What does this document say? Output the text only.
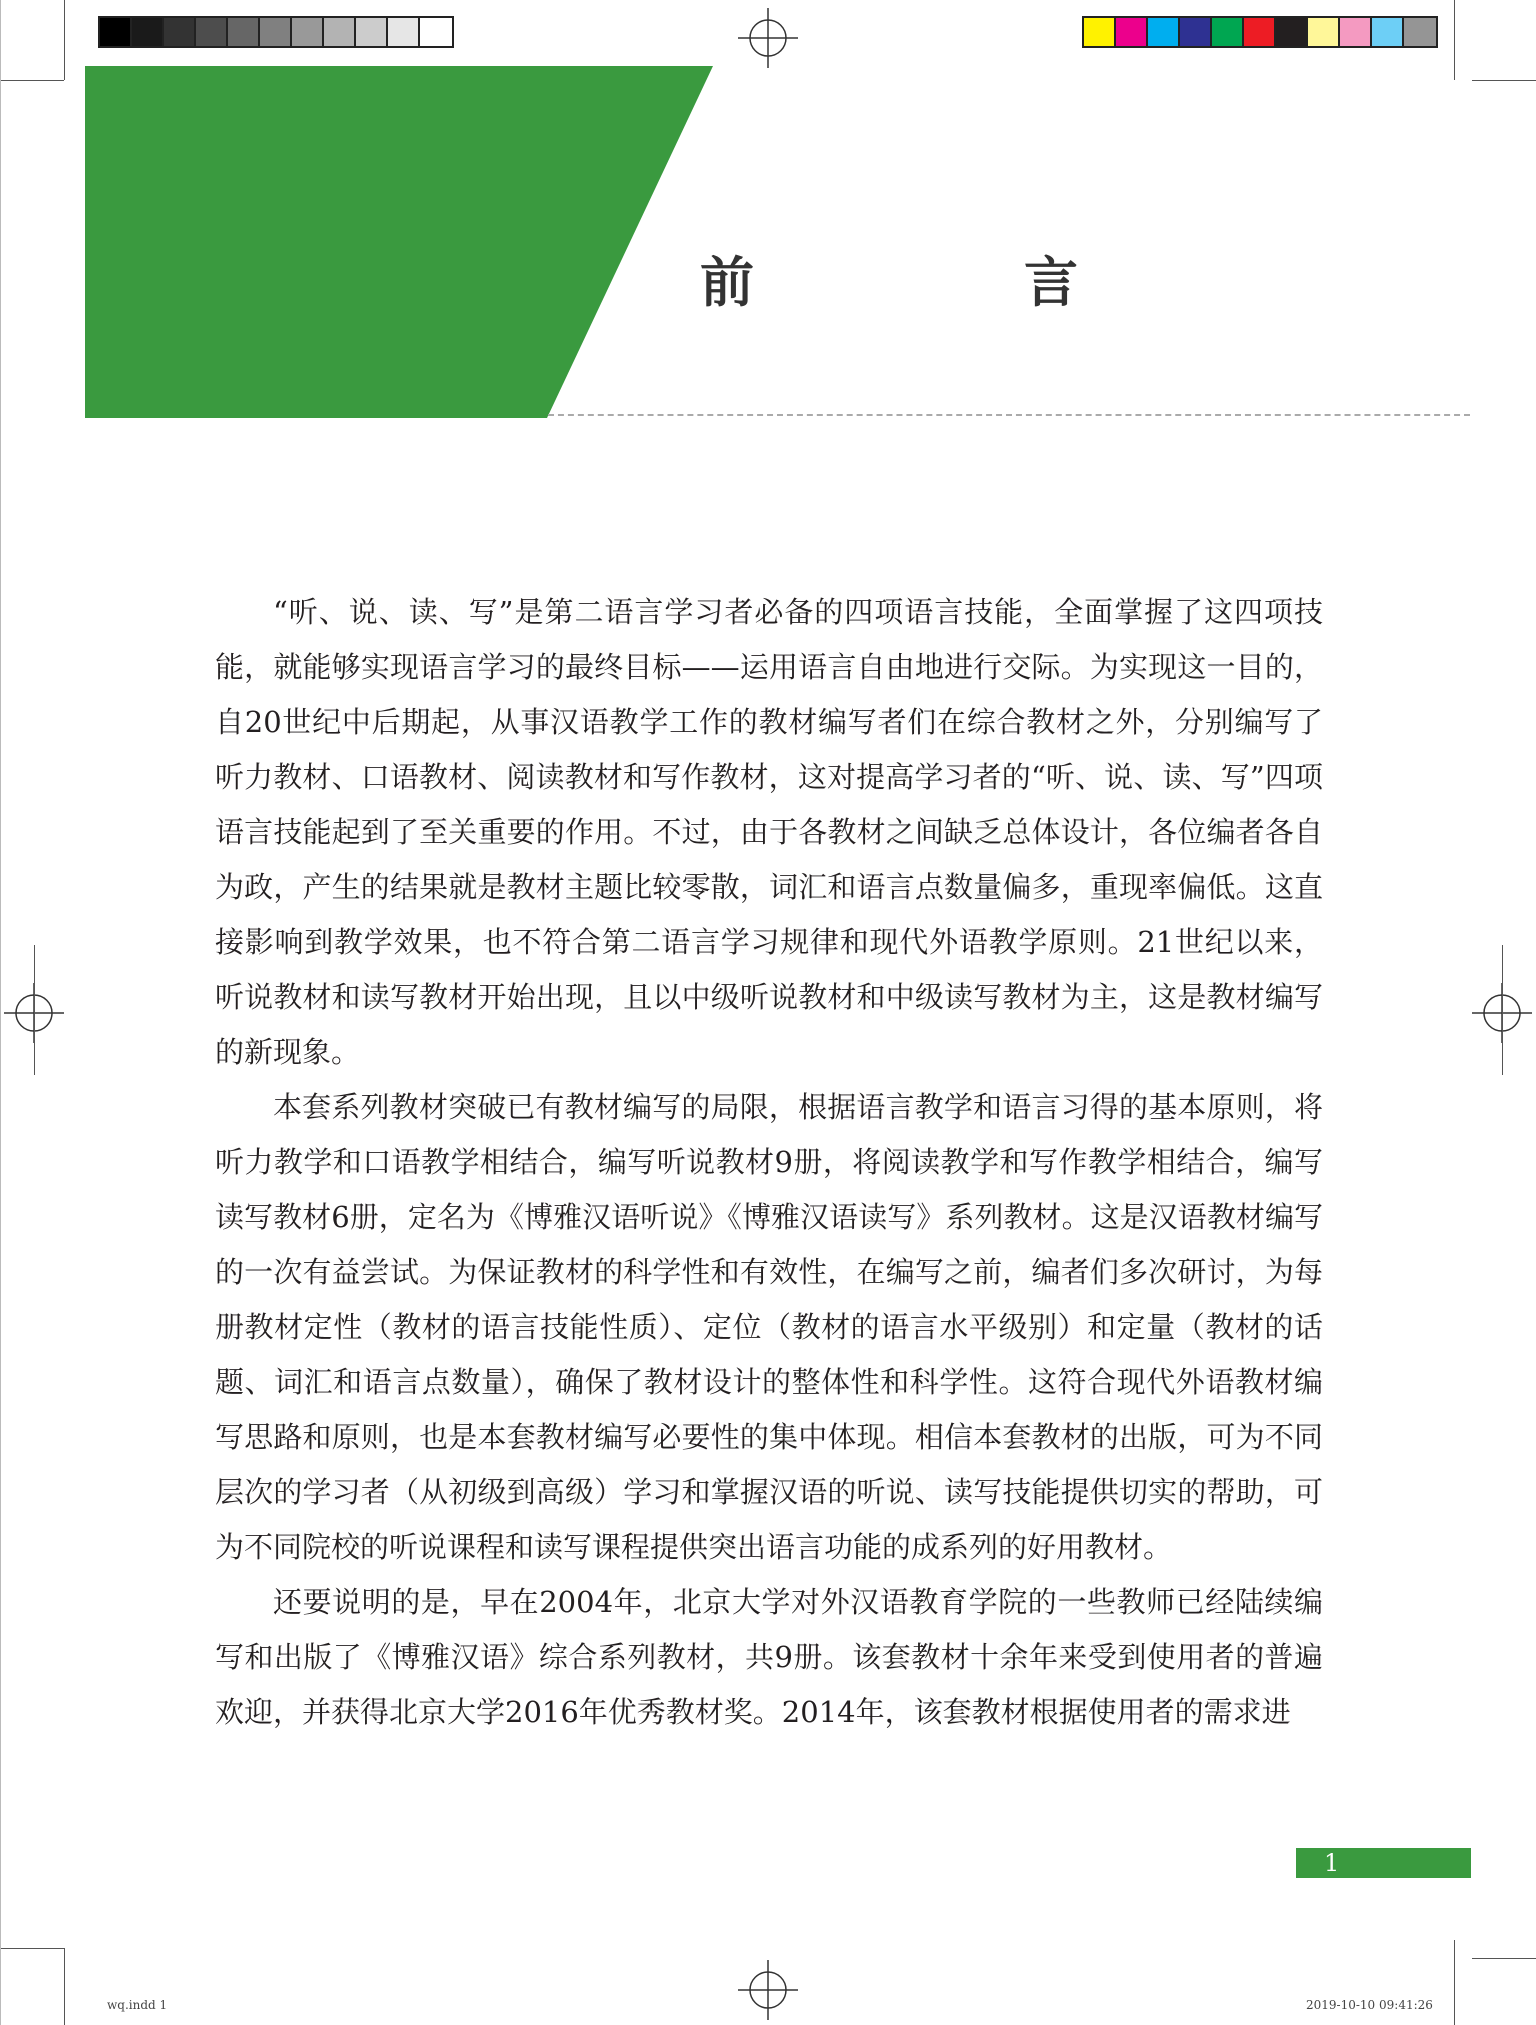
前　言

“听、说、读、写”是第二语言学习者必备的四项语言技能，全面掌握了这四项技能，就能够实现语言学习的最终目标——运用语言自由地进行交际。为实现这一目的，自20世纪中后期起，从事汉语教学工作的教材编写者们在综合教材之外，分别编写了听力教材、口语教材、阅读教材和写作教材，这对提高学习者的“听、说、读、写”四项语言技能起到了至关重要的作用。不过，由于各教材之间缺乏总体设计，各位编者各自为政，产生的结果就是教材主题比较零散，词汇和语言点数量偏多，重现率偏低。这直接影响到教学效果，也不符合第二语言学习规律和现代外语教学原则。21世纪以来，听说教材和读写教材开始出现，且以中级听说教材和中级读写教材为主，这是教材编写的新现象。

本套系列教材突破已有教材编写的局限，根据语言教学和语言习得的基本原则，将听力教学和口语教学相结合，编写听说教材9册，将阅读教学和写作教学相结合，编写读写教材6册，定名为《博雅汉语听说》《博雅汉语读写》系列教材。这是汉语教材编写的一次有益尝试。为保证教材的科学性和有效性，在编写之前，编者们多次研讨，为每册教材定性（教材的语言技能性质）、定位（教材的语言水平级别）和定量（教材的话题、词汇和语言点数量），确保了教材设计的整体性和科学性。这符合现代外语教材编写思路和原则，也是本套教材编写必要性的集中体现。相信本套教材的出版，可为不同层次的学习者（从初级到高级）学习和掌握汉语的听说、读写技能提供切实的帮助，可为不同院校的听说课程和读写课程提供突出语言功能的成系列的好用教材。

还要说明的是，早在2004年，北京大学对外汉语教育学院的一些教师已经陆续编写和出版了《博雅汉语》综合系列教材，共9册。该套教材十余年来受到使用者的普遍欢迎，并获得北京大学2016年优秀教材奖。2014年，该套教材根据使用者的需求进

1
wq.indd 1	2019-10-10 09:41:26
